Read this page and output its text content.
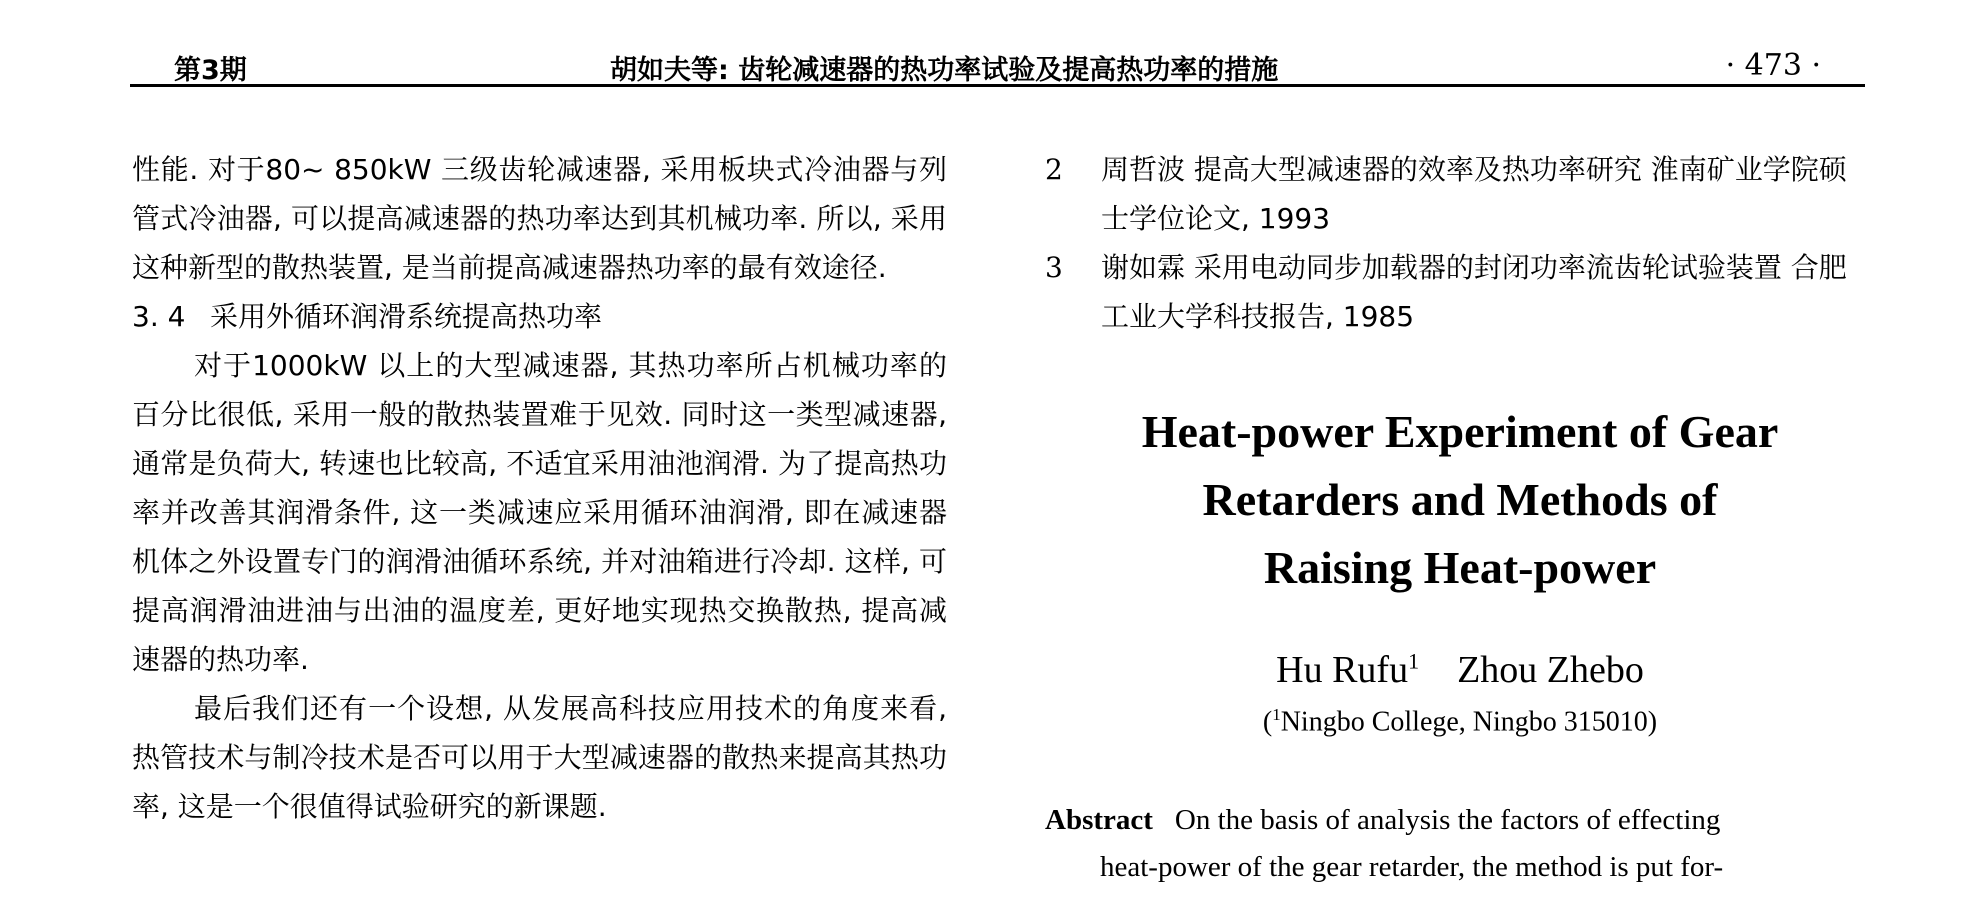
第3期	胡如夫等: 齿轮减速器的热功率试验及提高热功率的措施	· 473 ·

性能. 对于80~ 850kW 三级齿轮减速器, 采用板块式冷油器与列管式冷油器, 可以提高减速器的热功率达到其机械功率. 所以, 采用这种新型的散热装置, 是当前提高减速器热功率的最有效途径.

3. 4 采用外循环润滑系统提高热功率

对于1000kW 以上的大型减速器, 其热功率所占机械功率的百分比很低, 采用一般的散热装置难于见效. 同时这一类型减速器, 通常是负荷大, 转速也比较高, 不适宜采用油池润滑. 为了提高热功率并改善其润滑条件, 这一类减速应采用循环油润滑, 即在减速器机体之外设置专门的润滑油循环系统, 并对油箱进行冷却. 这样, 可提高润滑油进油与出油的温度差, 更好地实现热交换散热, 提高减速器的热功率.

最后我们还有一个设想, 从发展高科技应用技术的角度来看, 热管技术与制冷技术是否可以用于大型减速器的散热来提高其热功率, 这是一个很值得试验研究的新课题.

2 周哲波 提高大型减速器的效率及热功率研究 淮南矿业学院硕士学位论文, 1993
3 谢如霖 采用电动同步加载器的封闭功率流齿轮试验装置 合肥工业大学科技报告, 1985
Heat-power Experiment of Gear
Retarders and Methods of
Raising Heat-power
Hu Rufu$^1$ Zhou Zhebo
($^1$Ningbo College, Ningbo 315010)
Abstract On the basis of analysis the factors of effecting
heat-power of the gear retarder, the method is put for-
